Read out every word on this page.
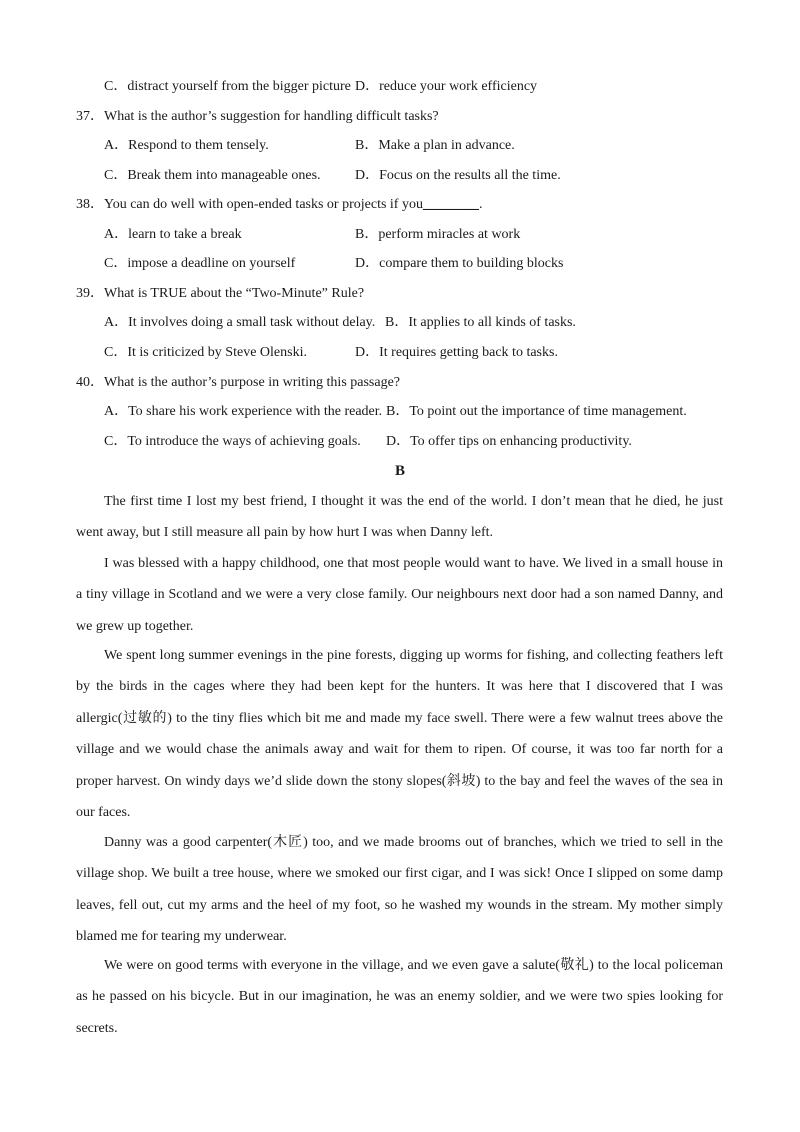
C．distract yourself from the bigger picture D．reduce your work efficiency
37．What is the author’s suggestion for handling difficult tasks?
A．Respond to them tensely.	B．Make a plan in advance.
C．Break them into manageable ones. D．Focus on the results all the time.
38．You can do well with open-ended tasks or projects if you________.
A．learn to take a break	B．perform miracles at work
C．impose a deadline on yourself	D．compare them to building blocks
39．What is TRUE about the “Two-Minute” Rule?
A．It involves doing a small task without delay. B．It applies to all kinds of tasks.
C．It is criticized by Steve Olenski.	D．It requires getting back to tasks.
40．What is the author’s purpose in writing this passage?
A．To share his work experience with the reader. B．To point out the importance of time management.
C．To introduce the ways of achieving goals. D．To offer tips on enhancing productivity.
B
The first time I lost my best friend, I thought it was the end of the world. I don’t mean that he died, he just went away, but I still measure all pain by how hurt I was when Danny left.
I was blessed with a happy childhood, one that most people would want to have. We lived in a small house in a tiny village in Scotland and we were a very close family. Our neighbours next door had a son named Danny, and we grew up together.
We spent long summer evenings in the pine forests, digging up worms for fishing, and collecting feathers left by the birds in the cages where they had been kept for the hunters. It was here that I discovered that I was allergic(过敏的) to the tiny flies which bit me and made my face swell. There were a few walnut trees above the village and we would chase the animals away and wait for them to ripen. Of course, it was too far north for a proper harvest. On windy days we’d slide down the stony slopes(斜坡) to the bay and feel the waves of the sea in our faces.
Danny was a good carpenter(木匠) too, and we made brooms out of branches, which we tried to sell in the village shop. We built a tree house, where we smoked our first cigar, and I was sick! Once I slipped on some damp leaves, fell out, cut my arms and the heel of my foot, so he washed my wounds in the stream. My mother simply blamed me for tearing my underwear.
We were on good terms with everyone in the village, and we even gave a salute(敬礼) to the local policeman as he passed on his bicycle. But in our imagination, he was an enemy soldier, and we were two spies looking for secrets.
